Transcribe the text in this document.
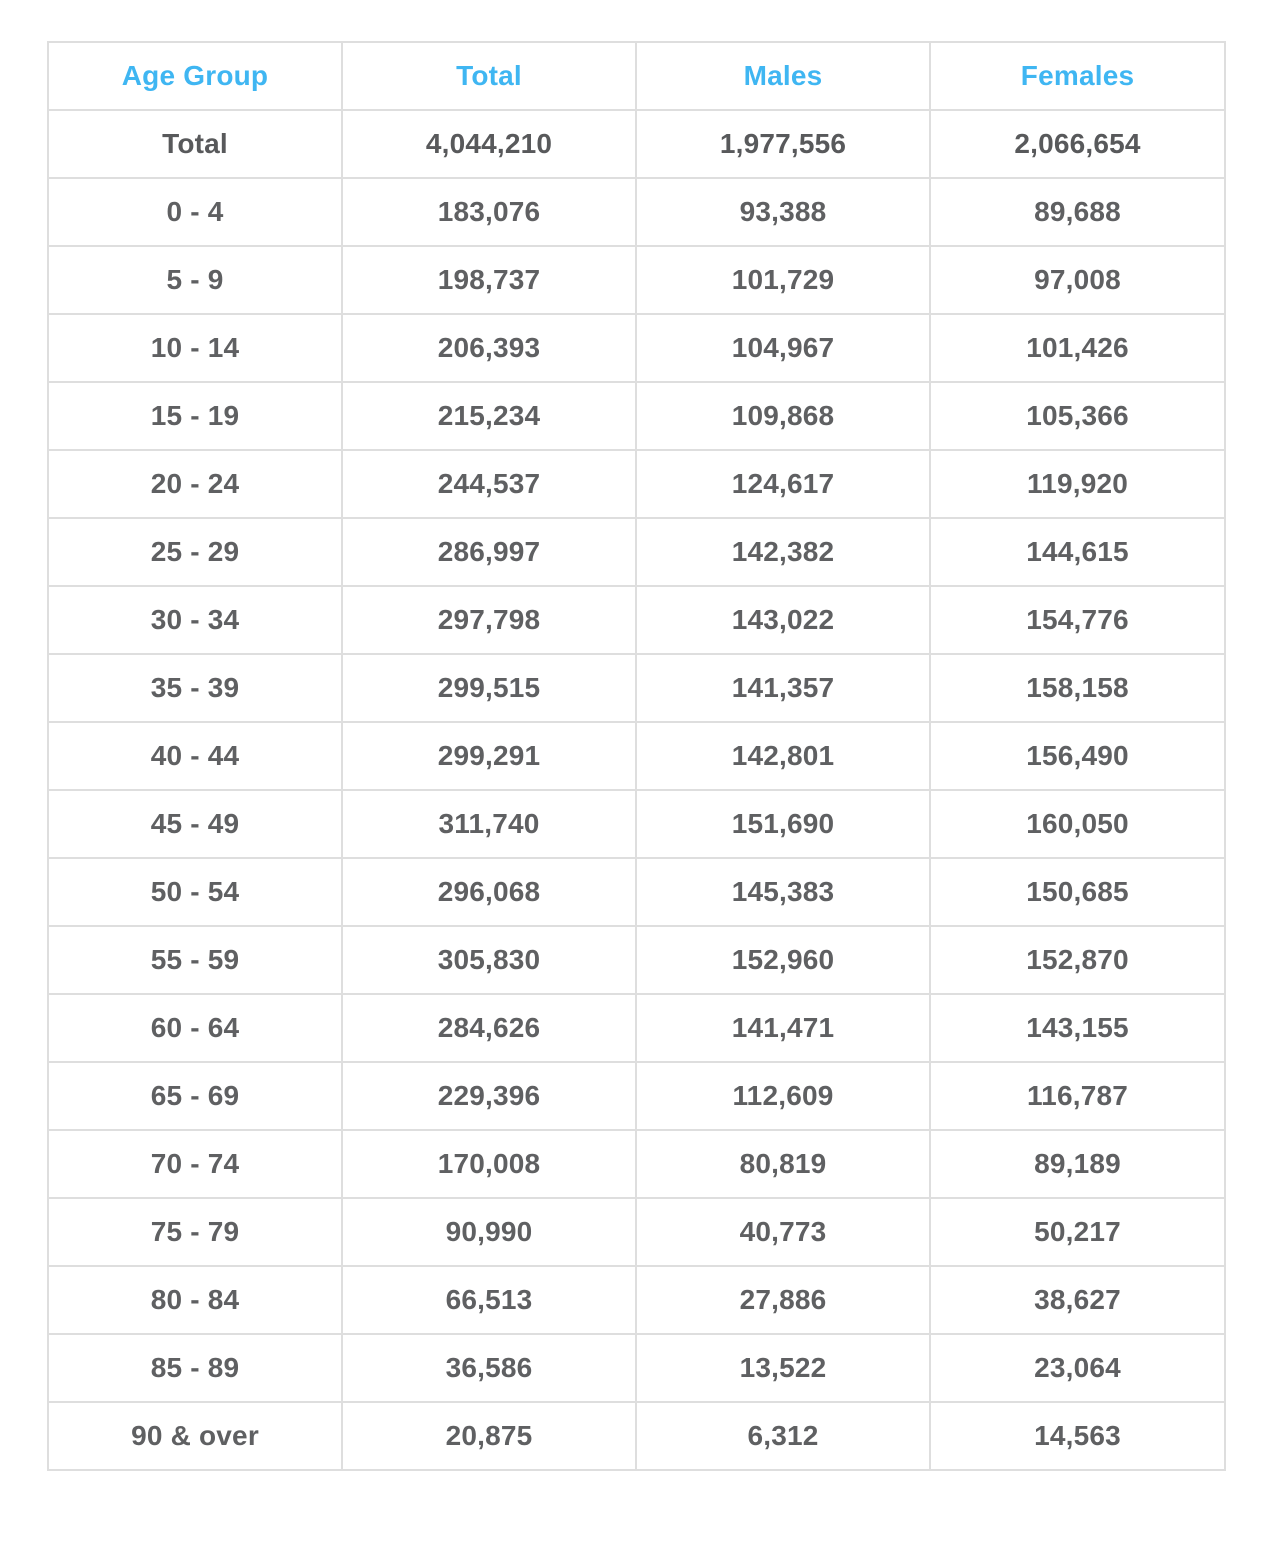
Age Group	Total	Males	Females
Total	4,044,210	1,977,556	2,066,654
0 - 4	183,076	93,388	89,688
5 - 9	198,737	101,729	97,008
10 - 14	206,393	104,967	101,426
15 - 19	215,234	109,868	105,366
20 - 24	244,537	124,617	119,920
25 - 29	286,997	142,382	144,615
30 - 34	297,798	143,022	154,776
35 - 39	299,515	141,357	158,158
40 - 44	299,291	142,801	156,490
45 - 49	311,740	151,690	160,050
50 - 54	296,068	145,383	150,685
55 - 59	305,830	152,960	152,870
60 - 64	284,626	141,471	143,155
65 - 69	229,396	112,609	116,787
70 - 74	170,008	80,819	89,189
75 - 79	90,990	40,773	50,217
80 - 84	66,513	27,886	38,627
85 - 89	36,586	13,522	23,064
90 & over	20,875	6,312	14,563
